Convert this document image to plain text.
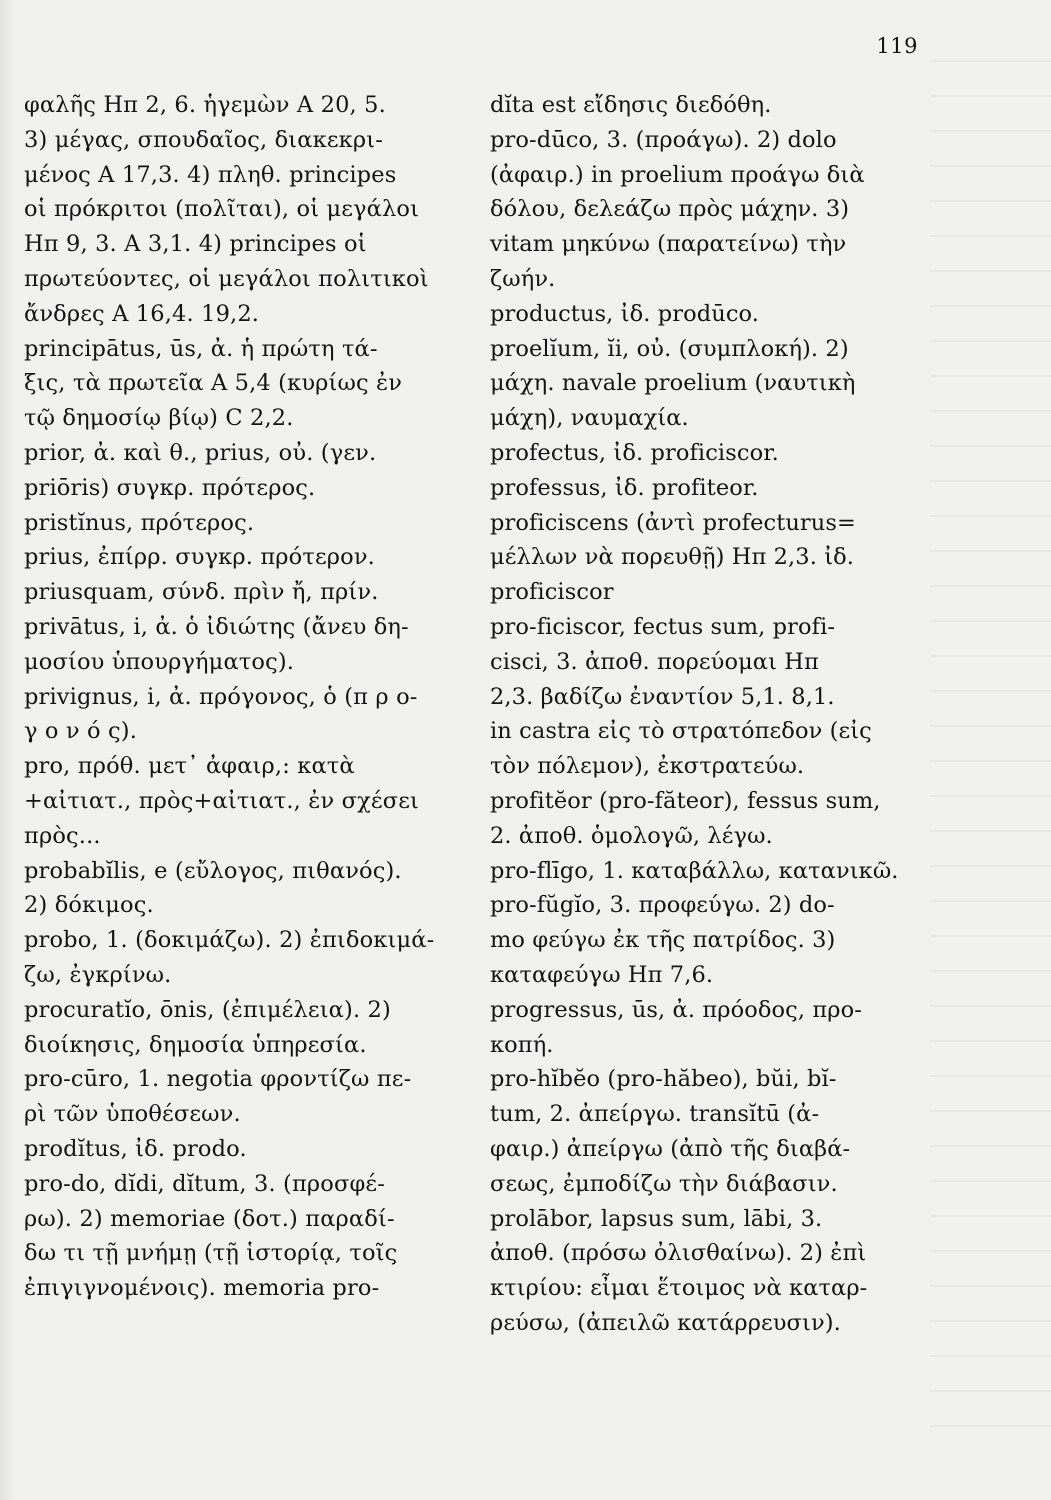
119
φαλῆς Ηπ 2, 6. ἡγεμὼν Α 20, 5.
3) μέγας, σπουδαῖος, διακεκρι-
μένος Α 17,3. 4) πληθ. principes
οἱ πρόκριτοι (πολῖται), οἱ μεγάλοι
Ηπ 9, 3. Α 3,1. 4) principes οἱ
πρωτεύοντες, οἱ μεγάλοι πολιτικοὶ
ἄνδρες Α 16,4. 19,2.
principātus, ūs, ἀ. ἡ πρώτη τά-
ξις, τὰ πρωτεῖα Α 5,4 (κυρίως ἐν
τῷ δημοσίῳ βίῳ) C 2,2.
prior, ἀ. καὶ θ., prius, οὐ. (γεν.
priōris) συγκρ. πρότερος.
pristĭnus, πρότερος.
prius, ἐπίρρ. συγκρ. πρότερον.
priusquam, σύνδ. πρὶν ἤ, πρίν.
privātus, i, ἀ. ὁ ἰδιώτης (ἄνευ δη-
μοσίου ὑπουργήματος).
privignus, i, ἀ. πρόγονος, ὁ (π ρ ο-
γ ο ν ό ς).
pro, πρόθ. μετ᾽ ἀφαιρ,: κατὰ
+αἰτιατ., πρὸς+αἰτιατ., ἐν σχέσει
πρὸς...
probabĭlis, e (εὔλογος, πιθανός).
2) δόκιμος.
probo, 1. (δοκιμάζω). 2) ἐπιδοκιμά-
ζω, ἐγκρίνω.
procuratĭo, ōnis, (ἐπιμέλεια). 2)
διοίκησις, δημοσία ὑπηρεσία.
pro-cūro, 1. negotia φροντίζω πε-
ρὶ τῶν ὑποθέσεων.
prodĭtus, ἰδ. prodo.
pro-do, dĭdi, dĭtum, 3. (προσφέ-
ρω). 2) memoriae (δοτ.) παραδί-
δω τι τῇ μνήμῃ (τῇ ἱστορίᾳ, τοῖς
ἐπιγιγνομένοις). memoria pro-
dĭta est εἴδησις διεδόθη.
pro-dūco, 3. (προάγω). 2) dolo
(ἀφαιρ.) in proelium προάγω διὰ
δόλου, δελεάζω πρὸς μάχην. 3)
vitam μηκύνω (παρατείνω) τὴν
ζωήν.
productus, ἰδ. prodūco.
proelĭum, ĭi, οὐ. (συμπλοκή). 2)
μάχη. navale proelium (ναυτικὴ
μάχη), ναυμαχία.
profectus, ἰδ. proficiscor.
professus, ἰδ. profiteor.
proficiscens (ἀντὶ profecturus=
μέλλων νὰ πορευθῇ) Ηπ 2,3. ἰδ.
proficiscor
pro-ficiscor, fectus sum, profi-
cisci, 3. ἀποθ. πορεύομαι Ηπ
2,3. βαδίζω ἐναντίον 5,1. 8,1.
in castra εἰς τὸ στρατόπεδον (εἰς
τὸν πόλεμον), ἐκστρατεύω.
profitĕor (pro-făteor), fessus sum,
2. ἀποθ. ὁμολογῶ, λέγω.
pro-flīgo, 1. καταβάλλω, κατανικῶ.
pro-fŭgĭo, 3. προφεύγω. 2) do-
mo φεύγω ἐκ τῆς πατρίδος. 3)
καταφεύγω Ηπ 7,6.
progressus, ūs, ἀ. πρόοδος, προ-
κοπή.
pro-hĭbĕo (pro-hăbeo), bŭi, bĭ-
tum, 2. ἀπείργω. transĭtū (ἀ-
φαιρ.) ἀπείργω (ἀπὸ τῆς διαβά-
σεως, ἐμποδίζω τὴν διάβασιν.
prolābor, lapsus sum, lābi, 3.
ἀποθ. (πρόσω ὀλισθαίνω). 2) ἐπὶ
κτιρίου: εἶμαι ἕτοιμος νὰ καταρ-
ρεύσω, (ἀπειλῶ κατάρρευσιν).
